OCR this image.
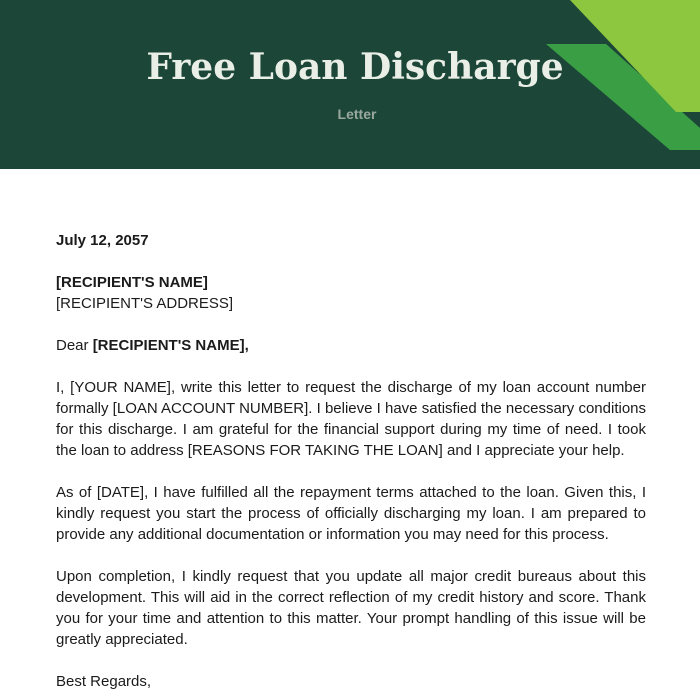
Free Loan Discharge
Letter

July 12, 2057

[RECIPIENT'S NAME]

[RECIPIENT'S ADDRESS]

Dear [RECIPIENT'S NAME],

I, [YOUR NAME], write this letter to request the discharge of my loan account number formally [LOAN ACCOUNT NUMBER]. I believe I have satisfied the necessary conditions for this discharge. I am grateful for the financial support during my time of need. I took the loan to address [REASONS FOR TAKING THE LOAN] and I appreciate your help.

As of [DATE], I have fulfilled all the repayment terms attached to the loan. Given this, I kindly request you start the process of officially discharging my loan. I am prepared to provide any additional documentation or information you may need for this process.

Upon completion, I kindly request that you update all major credit bureaus about this development. This will aid in the correct reflection of my credit history and score. Thank you for your time and attention to this matter. Your prompt handling of this issue will be greatly appreciated.

Best Regards,
